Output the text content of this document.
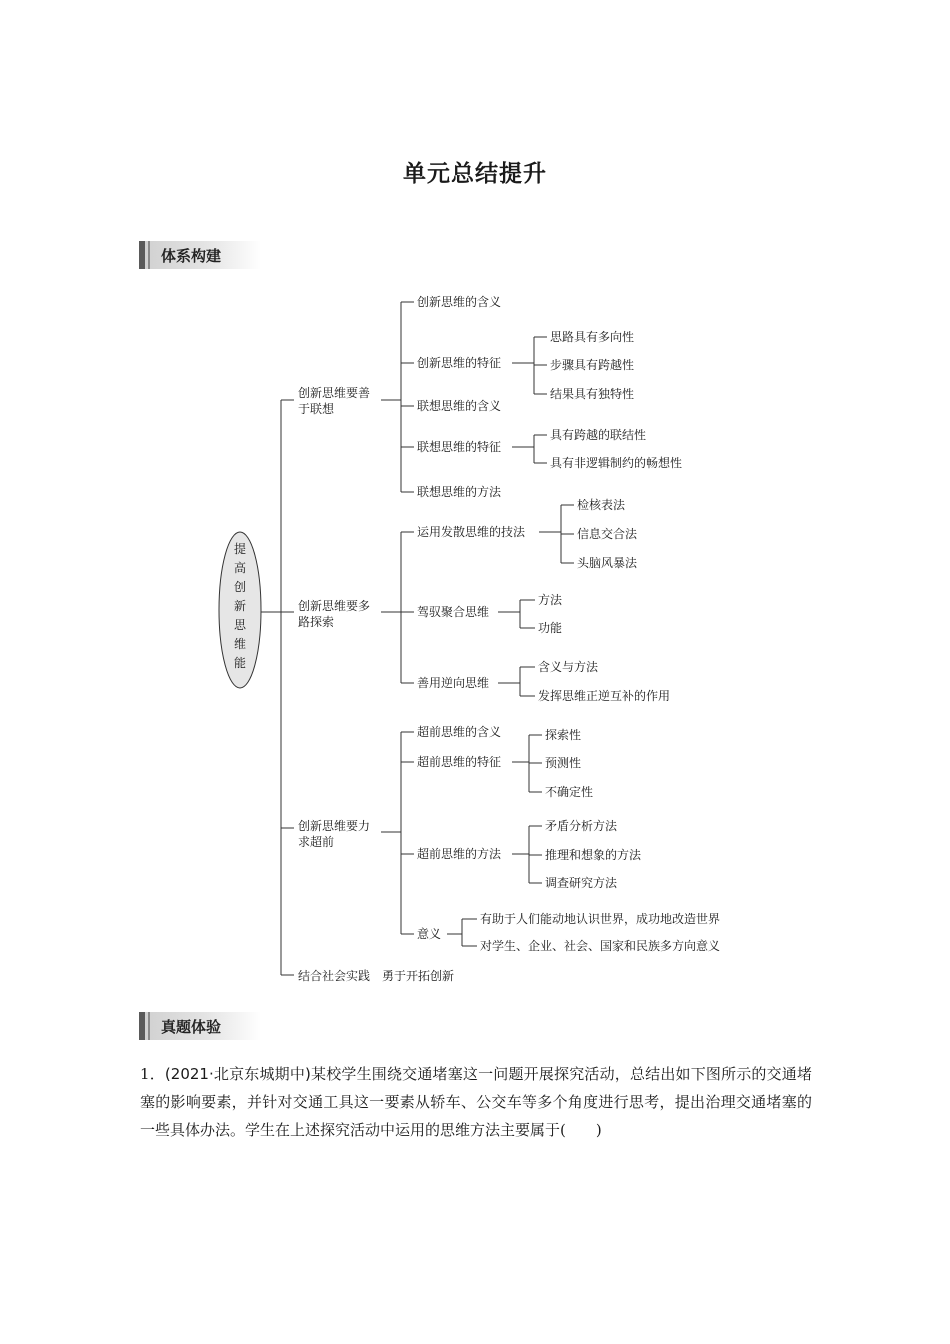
单元总结提升
体系构建
提
高
创
新
思
维
能
创新思维要善
于联想
创新思维的含义
创新思维的特征
联想思维的含义
联想思维的特征
联想思维的方法
思路具有多向性
步骤具有跨越性
结果具有独特性
具有跨越的联结性
具有非逻辑制约的畅想性
创新思维要多
路探索
运用发散思维的技法
驾驭聚合思维
善用逆向思维
检核表法
信息交合法
头脑风暴法
方法
功能
含义与方法
发挥思维正逆互补的作用
创新思维要力
求超前
超前思维的含义
超前思维的特征
超前思维的方法
意义
探索性
预测性
不确定性
矛盾分析方法
推理和想象的方法
调查研究方法
有助于人们能动地认识世界，成功地改造世界
对学生、企业、社会、国家和民族多方向意义
结合社会实践　勇于开拓创新
真题体验

1．(2021·北京东城期中)某校学生围绕交通堵塞这一问题开展探究活动，总结出如下图所示的交通堵塞的影响要素，并针对交通工具这一要素从轿车、公交车等多个角度进行思考，提出治理交通堵塞的一些具体办法。学生在上述探究活动中运用的思维方法主要属于(　　)
